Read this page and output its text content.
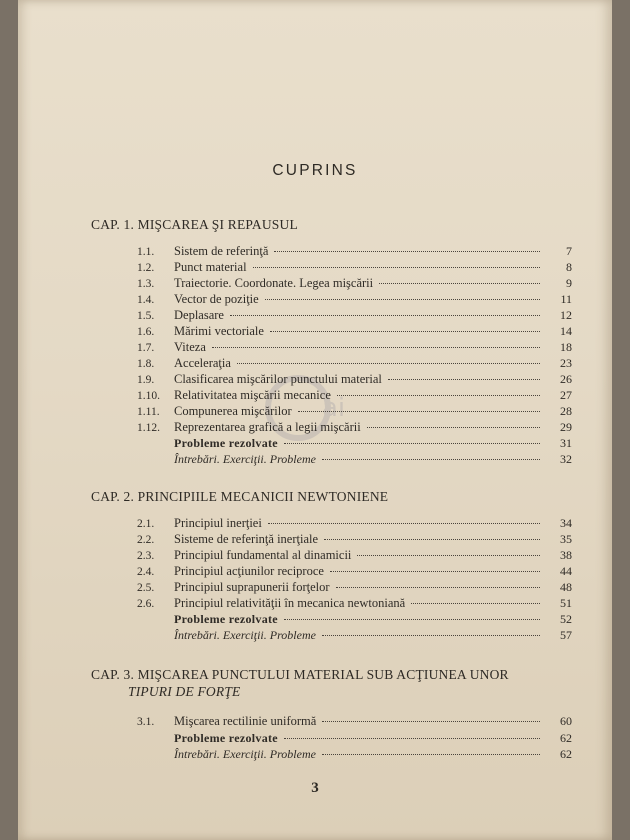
CUPRINS
CAP. 1. MIŞCAREA ŞI REPAUSUL
1.1.	Sistem de referinţă	7
1.2.	Punct material	8
1.3.	Traiectorie. Coordonate. Legea mişcării	9
1.4.	Vector de poziţie	11
1.5.	Deplasare	12
1.6.	Mărimi vectoriale	14
1.7.	Viteza	18
1.8.	Acceleraţia	23
1.9.	Clasificarea mişcărilor punctului material	26
1.10.	Relativitatea mişcării mecanice	27
1.11.	Compunerea mişcărilor	28
1.12.	Reprezentarea grafică a legii mişcării	29
Probleme rezolvate	31
Întrebări. Exerciţii. Probleme	32
CAP. 2. PRINCIPIILE MECANICII NEWTONIENE
2.1.	Principiul inerţiei	34
2.2.	Sisteme de referinţă inerţiale	35
2.3.	Principiul fundamental al dinamicii	38
2.4.	Principiul acţiunilor reciproce	44
2.5.	Principiul suprapunerii forţelor	48
2.6.	Principiul relativităţii în mecanica newtoniană	51
Probleme rezolvate	52
Întrebări. Exerciţii. Probleme	57
CAP. 3. MIŞCAREA PUNCTULUI MATERIAL SUB ACŢIUNEA UNOR
TIPURI DE FORŢE
3.1.	Mişcarea rectilinie uniformă	60
Probleme rezolvate	62
Întrebări. Exerciţii. Probleme	62
3
